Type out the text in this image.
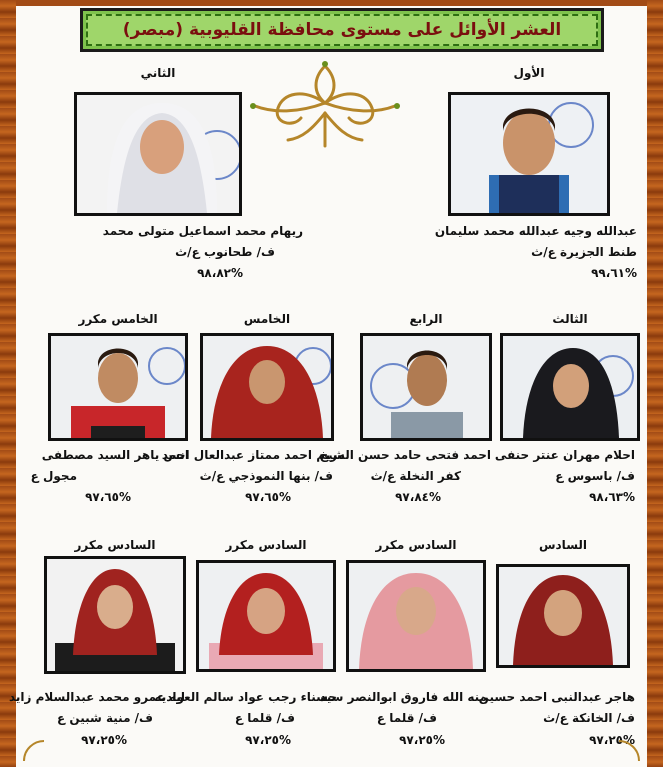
العشر الأوائل على مستوى محافظة القليوبية (مبصر)
الأول
عبدالله وجيه عبدالله محمد سليمان
طنط الجزيرة ع/ث
%٩٩،٦١
الثاني
ريهام محمد اسماعيل متولى محمد
ف/ طحانوب ع/ث
%٩٨،٨٢
الثالث
احلام مهران عنتر حنفى
ف/ باسوس ع
%٩٨،٦٣
الرابع
احمد فتحى حامد حسن الشيخ
كفر النخلة ع/ث
%٩٧،٨٤
الخامس
مريم احمد ممتاز عبدالعال احمد
ف/ بنها النموذجي ع/ث
%٩٧،٦٥
الخامس مكرر
انس ياهر السيد مصطفى
مجول ع
%٩٧،٦٥
السادس
هاجر عبدالنبى احمد حسين
ف/ الخانكة ع/ث
%٩٧،٢٥
السادس مكرر
منه الله فاروق ابوالنصر سيد
ف/ قلما ع
%٩٧،٢٥
السادس مكرر
حسناء رجب عواد سالم العواديه
ف/ قلما ع
%٩٧،٢٥
السادس مكرر
ايه عمرو محمد عبدالسلام زايد
ف/ منية شبين ع
%٩٧،٢٥
